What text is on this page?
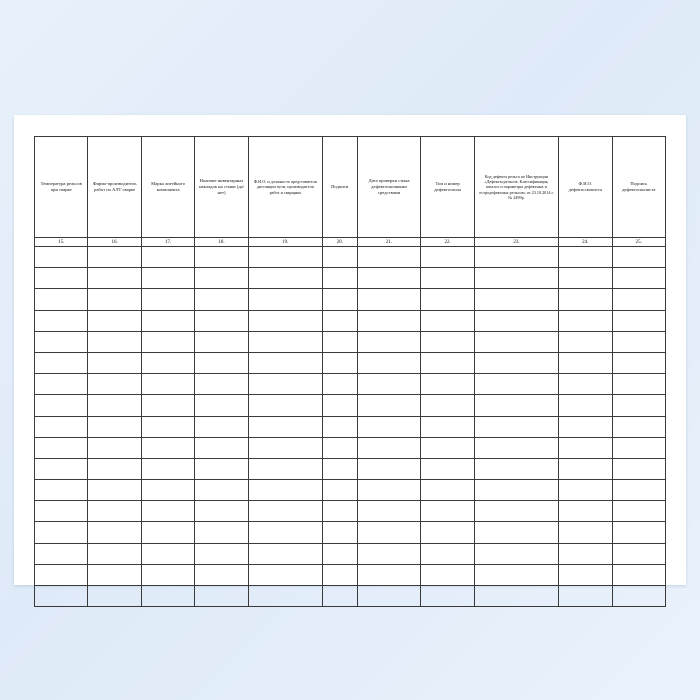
Температура рельсов при сварке	Фирма-производитель работ по АЛТ сварке	Марка литейного компонента	Наличие инвентарных накладок на стыки (да/нет)	Ф.И.О. и должность представителя дистанции пути, производителя работ и сварщика	Подписи	Дата проверки стыка дефектоскопными средствами	Тип и номер дефектоскопа	Код дефекта рельса по Инструкции «Дефекты рельсов. Классификация, каталог и параметры дефектных и остродефектных рельсов» от 23.10.2014 г. № 2499р.	Ф.И.О. дефектоскописта	Подпись дефектоскописта

15.	16.	17.	18.	19.	20.	21.	22.	23.	24.	25.
